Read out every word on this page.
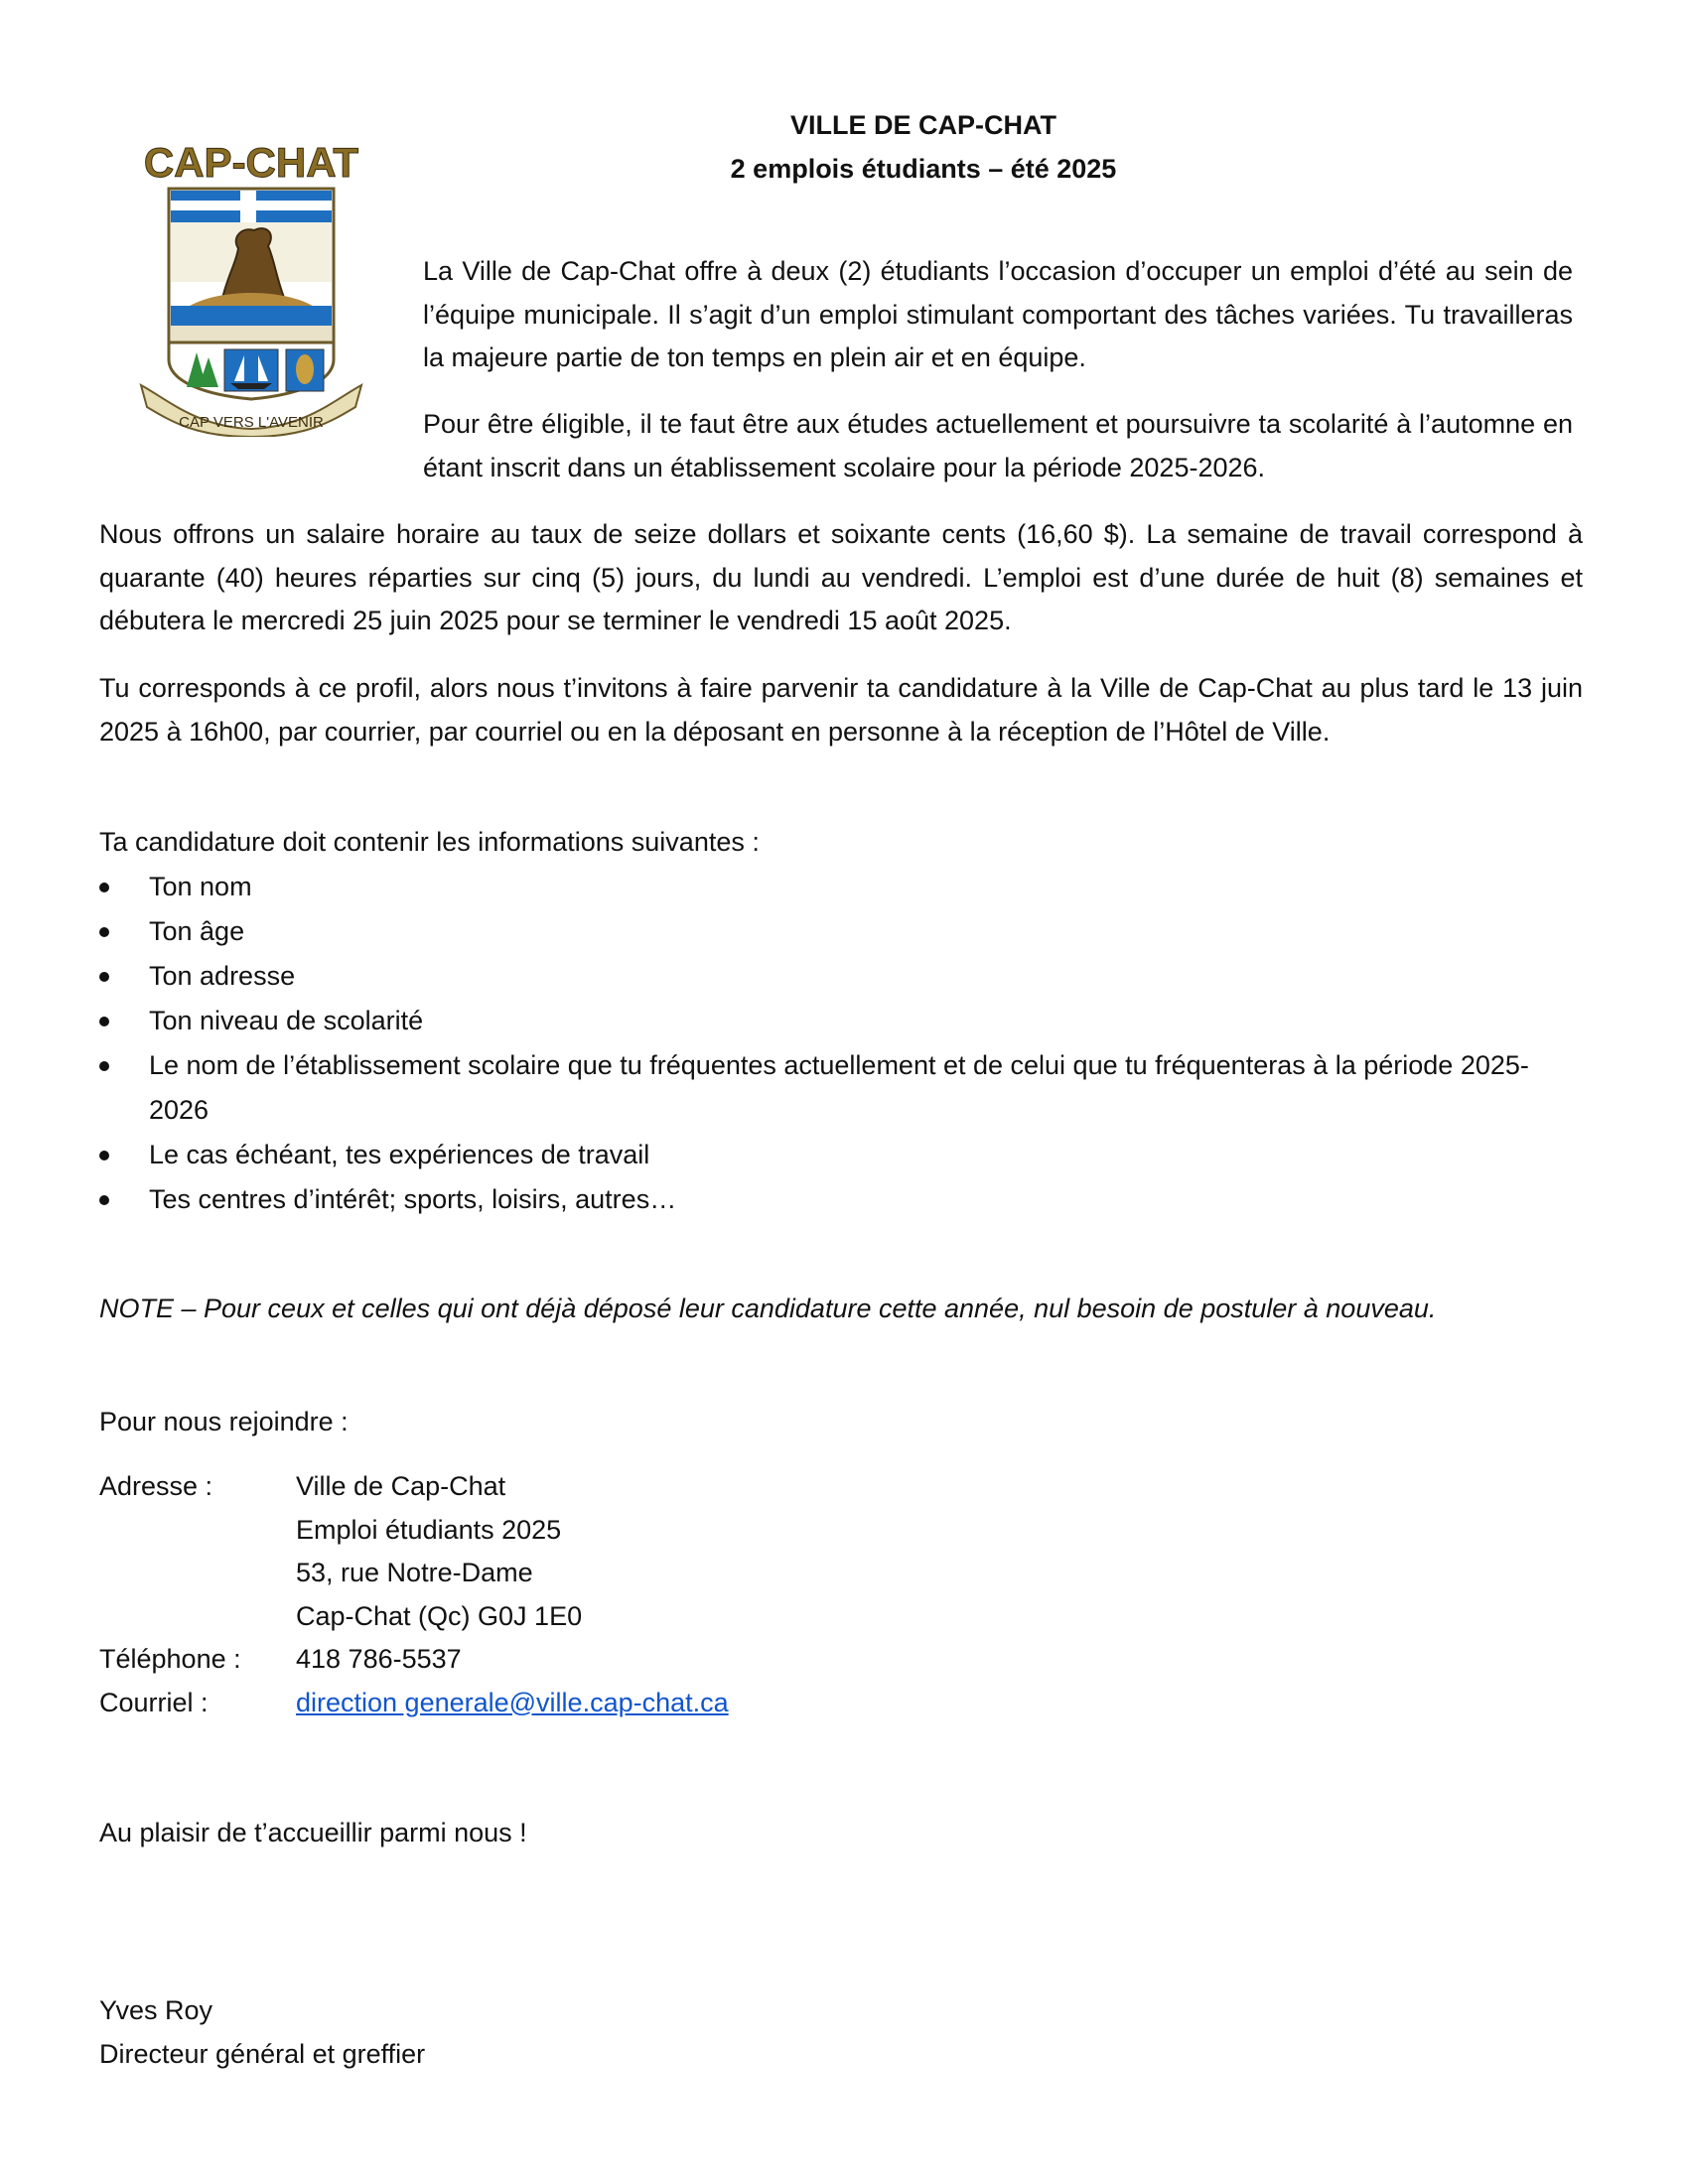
VILLE DE CAP-CHAT
2 emplois étudiants – été 2025
CAP-CHAT
CAP VERS L'AVENIR

La Ville de Cap-Chat offre à deux (2) étudiants l’occasion d’occuper un emploi d’été au sein de l’équipe municipale. Il s’agit d’un emploi stimulant comportant des tâches variées. Tu travailleras la majeure partie de ton temps en plein air et en équipe.

Pour être éligible, il te faut être aux études actuellement et poursuivre ta scolarité à l’automne en étant inscrit dans un établissement scolaire pour la période 2025-2026.

Nous offrons un salaire horaire au taux de seize dollars et soixante cents (16,60 $). La semaine de travail correspond à quarante (40) heures réparties sur cinq (5) jours, du lundi au vendredi. L’emploi est d’une durée de huit (8) semaines et débutera le mercredi 25 juin 2025 pour se terminer le vendredi 15 août 2025.

Tu corresponds à ce profil, alors nous t’invitons à faire parvenir ta candidature à la Ville de Cap-Chat au plus tard le 13 juin 2025 à 16h00, par courrier, par courriel ou en la déposant en personne à la réception de l’Hôtel de Ville.

Ta candidature doit contenir les informations suivantes :

Ton nom
Ton âge
Ton adresse
Ton niveau de scolarité
Le nom de l’établissement scolaire que tu fréquentes actuellement et de celui que tu fréquenteras à la période 2025-2026
Le cas échéant, tes expériences de travail
Tes centres d’intérêt; sports, loisirs, autres…
NOTE – Pour ceux et celles qui ont déjà déposé leur candidature cette année, nul besoin de postuler à nouveau.
Pour nous rejoindre :
Adresse :	Ville de Cap-Chat
Emploi étudiants 2025
53, rue Notre-Dame
Cap-Chat (Qc) G0J 1E0
Téléphone :	418 786-5537
Courriel :	direction generale@ville.cap-chat.ca
Au plaisir de t’accueillir parmi nous !
Yves Roy
Directeur général et greffier
